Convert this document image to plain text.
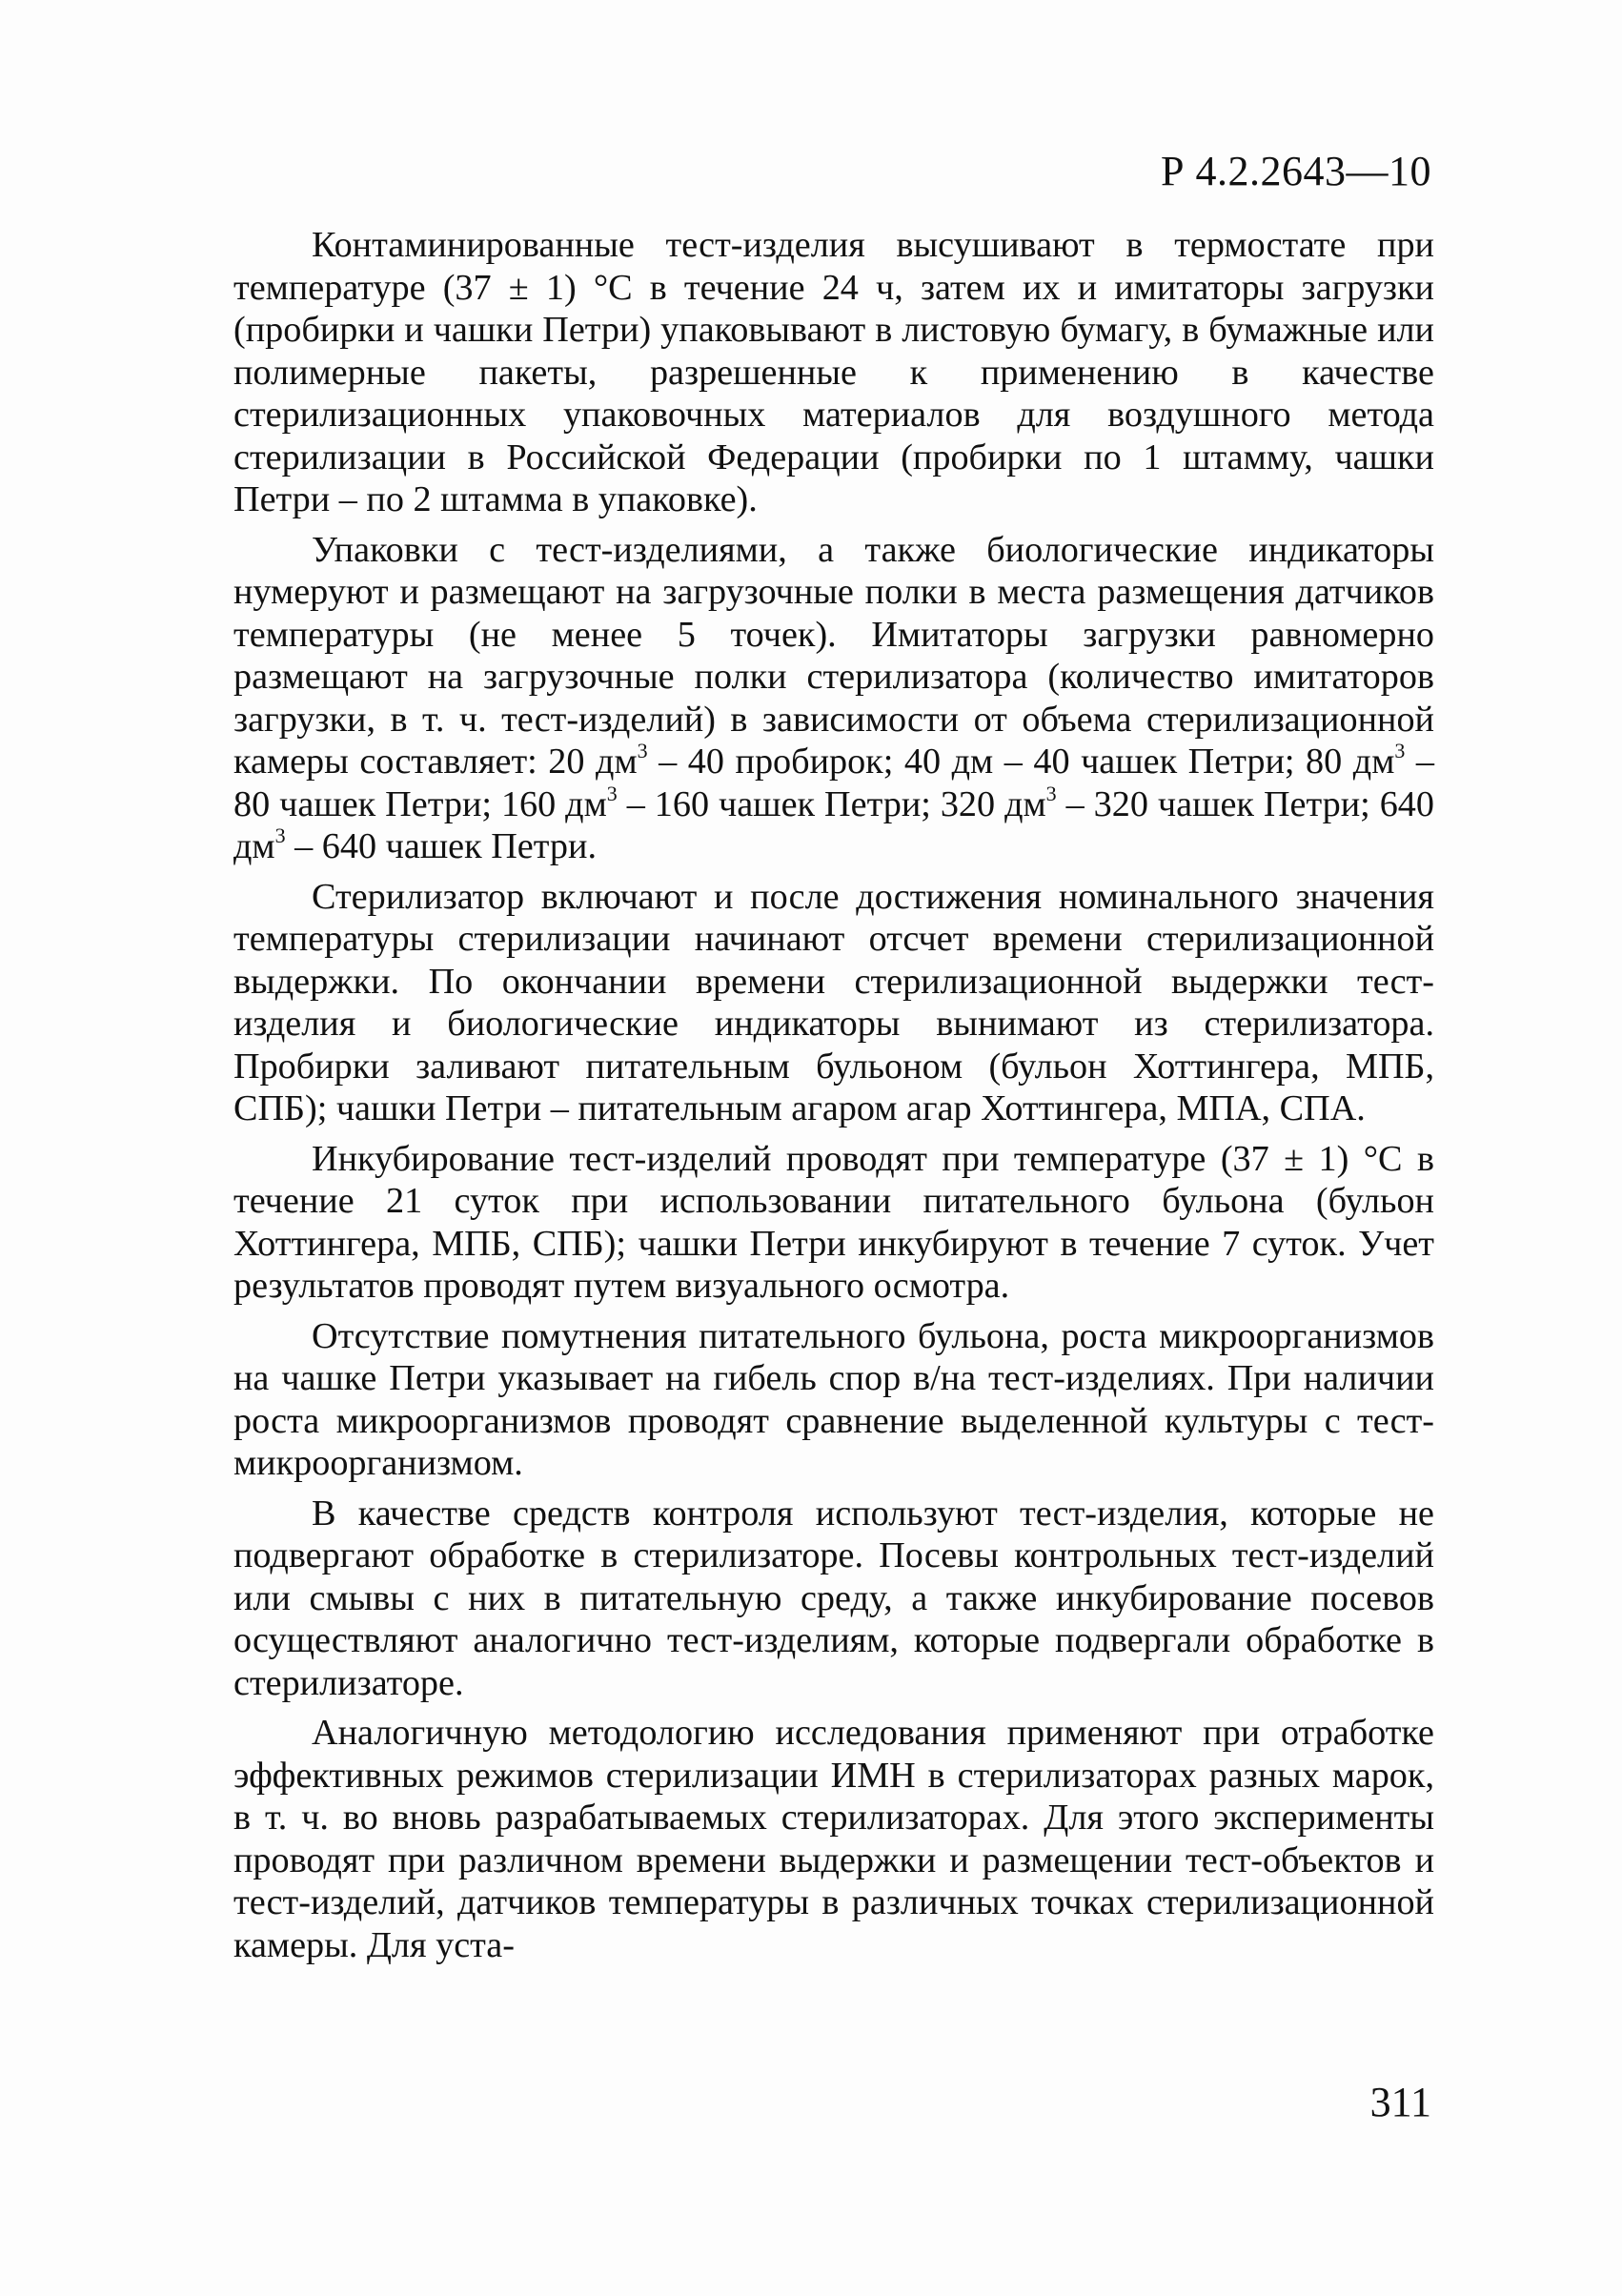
Р 4.2.2643—10

Контаминированные тест-изделия высушивают в термостате при температуре (37 ± 1) °С в течение 24 ч, затем их и имитаторы загрузки (пробирки и чашки Петри) упаковывают в листовую бумагу, в бумажные или полимерные пакеты, разрешенные к применению в качестве стерилизационных упаковочных материалов для воздушного метода стерилизации в Российской Федерации (пробирки по 1 штамму, чашки Петри – по 2 штамма в упаковке).

Упаковки с тест-изделиями, а также биологические индикаторы нумеруют и размещают на загрузочные полки в места размещения датчиков температуры (не менее 5 точек). Имитаторы загрузки равномерно размещают на загрузочные полки стерилизатора (количество имитаторов загрузки, в т. ч. тест-изделий) в зависимости от объема стерилизационной камеры составляет: 20 $дм^3 - 40$ пробирок; 40 дм – 40 чашек Петри; 80 $дм^3 - 80$ чашек Петри; 160 $дм^3 - 160$ чашек Петри; 320 $дм^3 - 320$ чашек Петри; 640 $дм^3 - 640$ чашек Петри.

Стерилизатор включают и после достижения номинального значения температуры стерилизации начинают отсчет времени стерилизационной выдержки. По окончании времени стерилизационной выдержки тест-изделия и биологические индикаторы вынимают из стерилизатора. Пробирки заливают питательным бульоном (бульон Хоттингера, МПБ, СПБ); чашки Петри – питательным агаром агар Хоттингера, МПА, СПА.

Инкубирование тест-изделий проводят при температуре (37 ± 1) °С в течение 21 суток при использовании питательного бульона (бульон Хоттингера, МПБ, СПБ); чашки Петри инкубируют в течение 7 суток. Учет результатов проводят путем визуального осмотра.

Отсутствие помутнения питательного бульона, роста микроорганизмов на чашке Петри указывает на гибель спор в/на тест-изделиях. При наличии роста микроорганизмов проводят сравнение выделенной культуры с тест-микроорганизмом.

В качестве средств контроля используют тест-изделия, которые не подвергают обработке в стерилизаторе. Посевы контрольных тест-изделий или смывы с них в питательную среду, а также инкубирование посевов осуществляют аналогично тест-изделиям, которые подвергали обработке в стерилизаторе.

Аналогичную методологию исследования применяют при отработке эффективных режимов стерилизации ИМН в стерилизаторах разных марок, в т. ч. во вновь разрабатываемых стерилизаторах. Для этого эксперименты проводят при различном времени выдержки и размещении тест-объектов и тест-изделий, датчиков температуры в различных точках стерилизационной камеры. Для уста-

311
